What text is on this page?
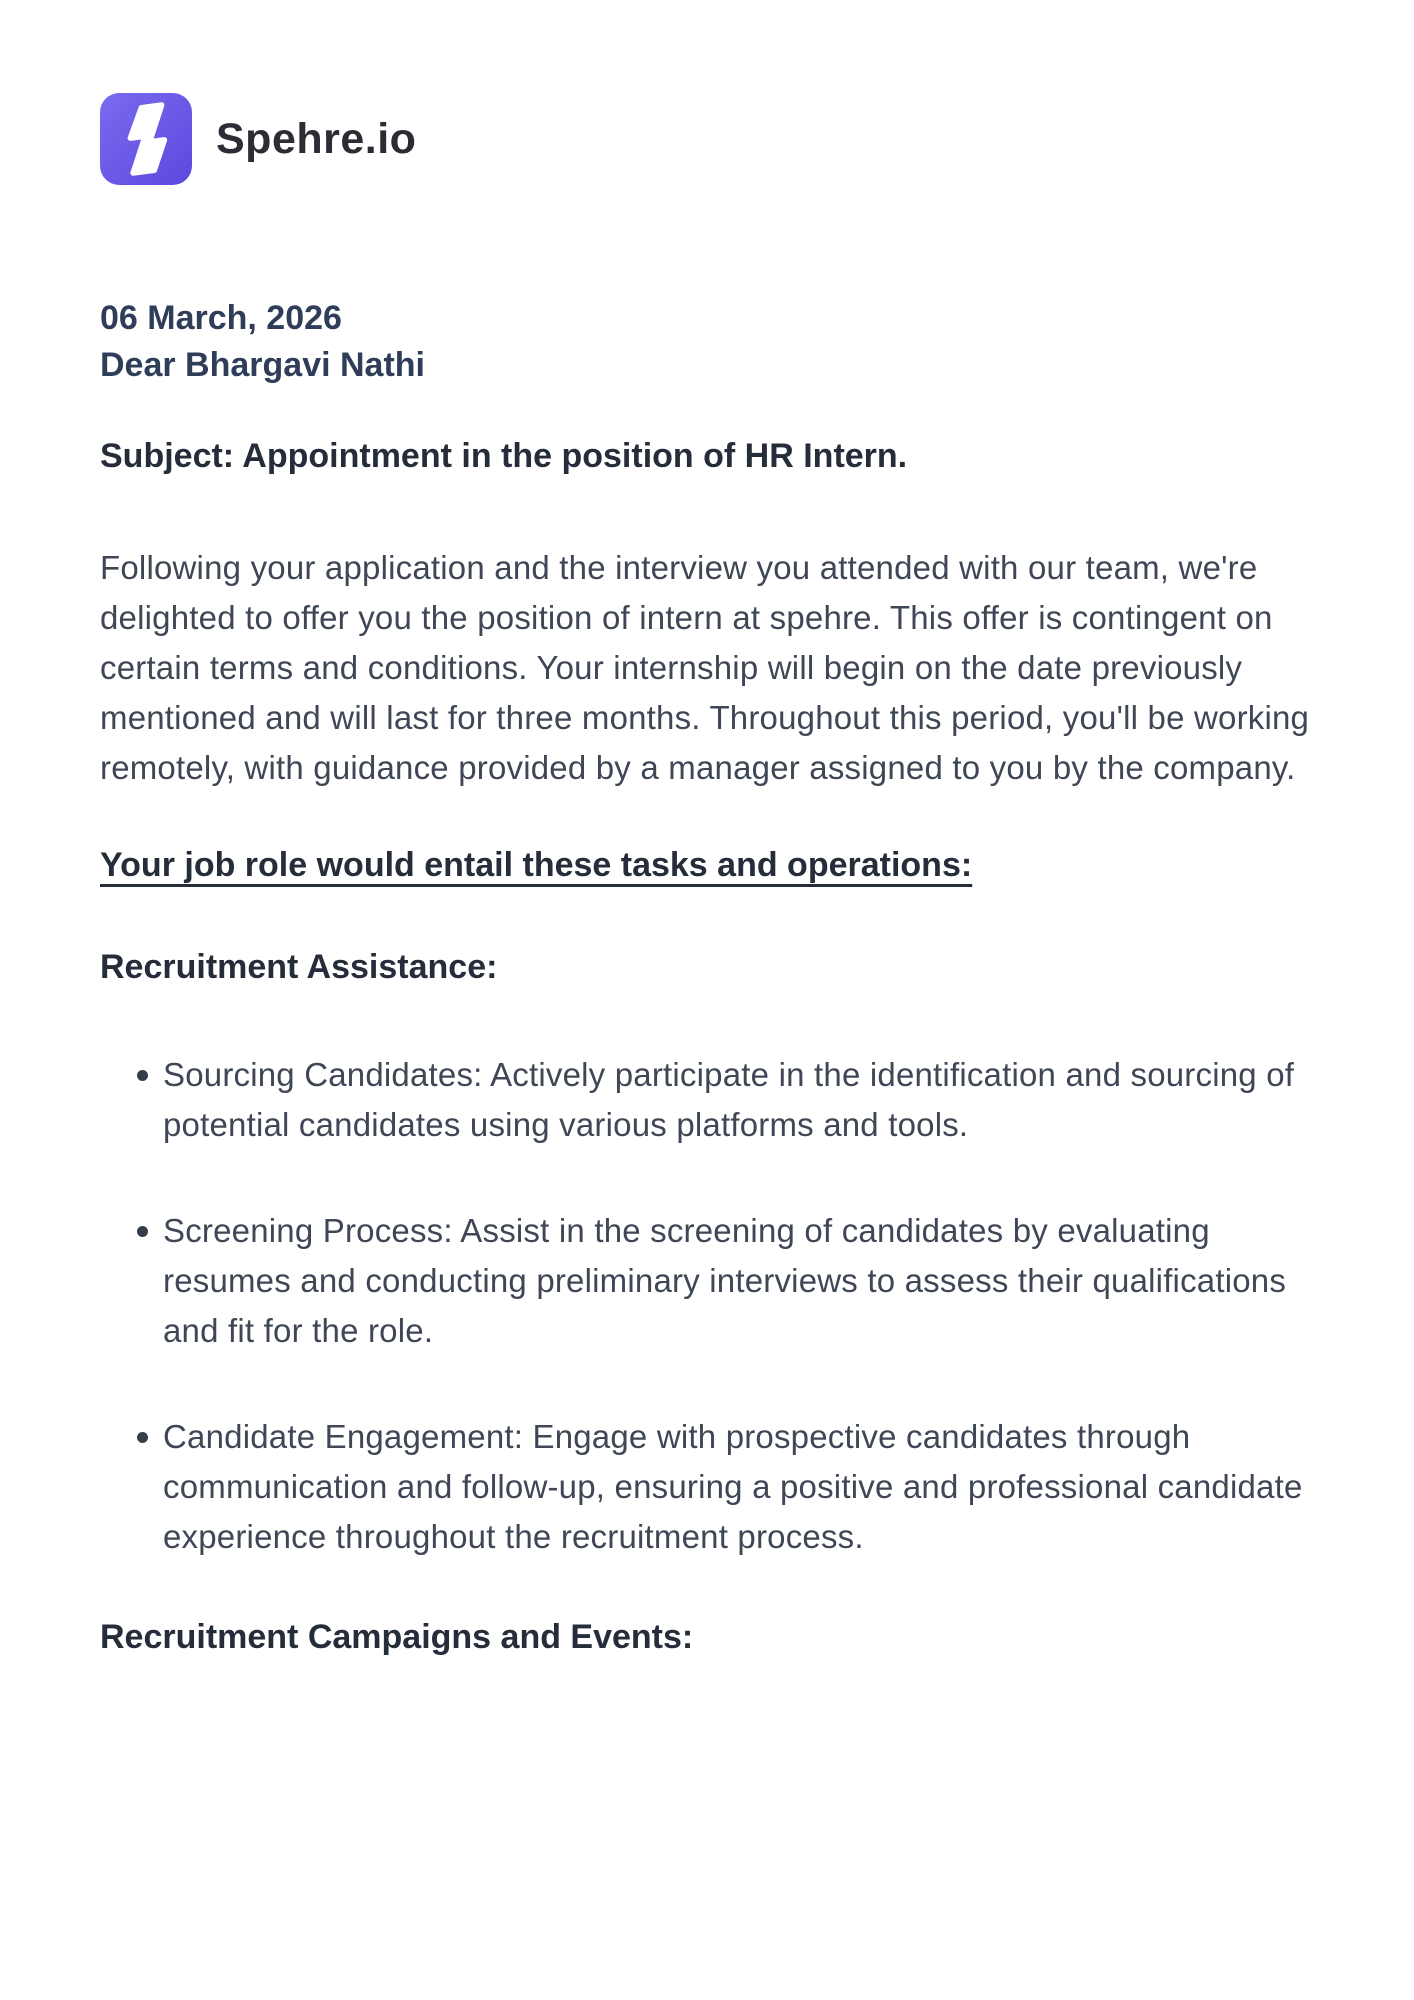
Spehre.io
06 March, 2026
Dear Bhargavi Nathi
Subject: Appointment in the position of HR Intern.

Following your application and the interview you attended with our team, we're delighted to offer you the position of intern at spehre. This offer is contingent on certain terms and conditions. Your internship will begin on the date previously mentioned and will last for three months. Throughout this period, you'll be working remotely, with guidance provided by a manager assigned to you by the company.

Your job role would entail these tasks and operations:
Recruitment Assistance:
Sourcing Candidates: Actively participate in the identification and sourcing of potential candidates using various platforms and tools.
Screening Process: Assist in the screening of candidates by evaluating resumes and conducting preliminary interviews to assess their qualifications and fit for the role.
Candidate Engagement: Engage with prospective candidates through communication and follow-up, ensuring a positive and professional candidate experience throughout the recruitment process.
Recruitment Campaigns and Events:
